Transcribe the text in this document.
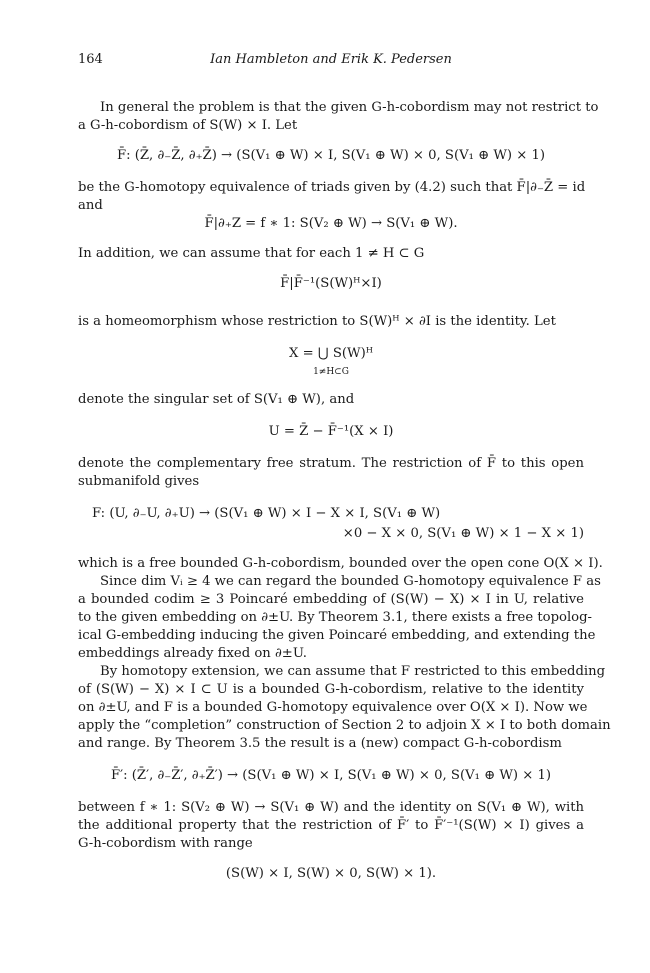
164	Ian Hambleton and Erik K. Pedersen
In general the problem is that the given G-h-cobordism may not restrict to
a G-h-cobordism of S(W) × I. Let
F̄: (Z̄, ∂₋Z̄, ∂₊Z̄) → (S(V₁ ⊕ W) × I, S(V₁ ⊕ W) × 0, S(V₁ ⊕ W) × 1)
be the G-homotopy equivalence of triads given by (4.2) such that F̄|∂₋Z̄ = id
and
F̄|∂₊Z = f ∗ 1: S(V₂ ⊕ W) → S(V₁ ⊕ W).
In addition, we can assume that for each 1 ≠ H ⊂ G
F̄|F̄⁻¹(S(W)ᴴ×I)
is a homeomorphism whose restriction to S(W)ᴴ × ∂I is the identity. Let
X = ⋃ S(W)ᴴ
1≠H⊂G
denote the singular set of S(V₁ ⊕ W), and
U = Z̄ − F̄⁻¹(X × I)
denote the complementary free stratum. The restriction of F̄ to this open
submanifold gives
F: (U, ∂₋U, ∂₊U) → (S(V₁ ⊕ W) × I − X × I, S(V₁ ⊕ W)
×0 − X × 0, S(V₁ ⊕ W) × 1 − X × 1)
which is a free bounded G-h-cobordism, bounded over the open cone O(X × I).
Since dim Vᵢ ≥ 4 we can regard the bounded G-homotopy equivalence F as
a bounded codim ≥ 3 Poincaré embedding of (S(W) − X) × I in U, relative
to the given embedding on ∂±U. By Theorem 3.1, there exists a free topolog-
ical G-embedding inducing the given Poincaré embedding, and extending the
embeddings already fixed on ∂±U.
By homotopy extension, we can assume that F restricted to this embedding
of (S(W) − X) × I ⊂ U is a bounded G-h-cobordism, relative to the identity
on ∂±U, and F is a bounded G-homotopy equivalence over O(X × I). Now we
apply the “completion” construction of Section 2 to adjoin X × I to both domain
and range. By Theorem 3.5 the result is a (new) compact G-h-cobordism
F̄′: (Z̄′, ∂₋Z̄′, ∂₊Z̄′) → (S(V₁ ⊕ W) × I, S(V₁ ⊕ W) × 0, S(V₁ ⊕ W) × 1)
between f ∗ 1: S(V₂ ⊕ W) → S(V₁ ⊕ W) and the identity on S(V₁ ⊕ W), with
the additional property that the restriction of F̄′ to F̄′⁻¹(S(W) × I) gives a
G-h-cobordism with range
(S(W) × I, S(W) × 0, S(W) × 1).
